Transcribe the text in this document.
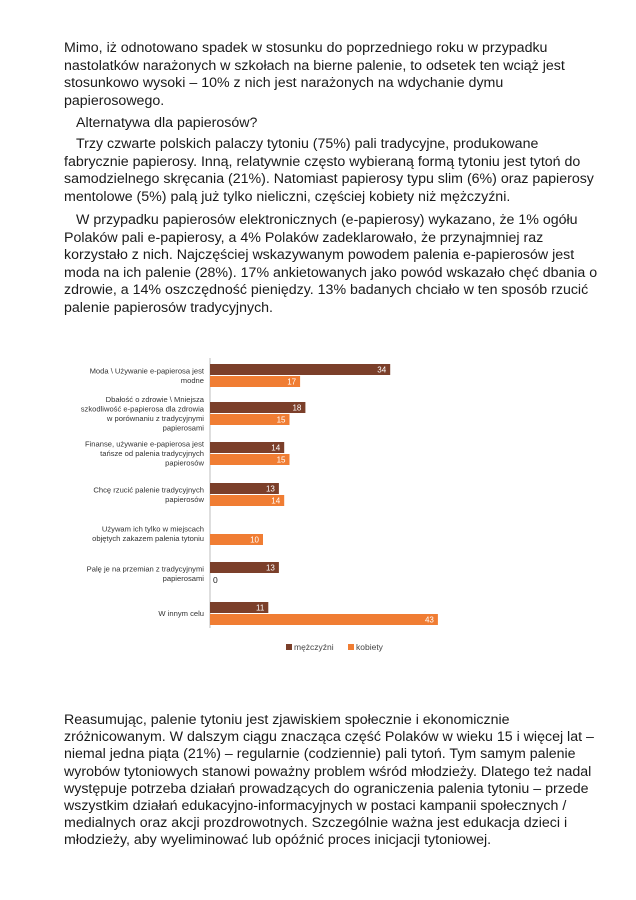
Mimo, iż odnotowano spadek w stosunku do poprzedniego roku w przypadku nastolatków narażonych w szkołach na bierne palenie, to odsetek ten wciąż jest stosunkowo wysoki – 10% z nich jest narażonych na wdychanie dymu papierosowego.

Alternatywa dla papierosów?

Trzy czwarte polskich palaczy tytoniu (75%) pali tradycyjne, produkowane fabrycznie papierosy. Inną, relatywnie często wybieraną formą tytoniu jest tytoń do samodzielnego skręcania (21%). Natomiast papierosy typu slim (6%) oraz papierosy mentolowe (5%) palą już tylko nieliczni, częściej kobiety niż mężczyźni.

W przypadku papierosów elektronicznych (e-papierosy) wykazano, że 1% ogółu Polaków pali e-papierosy, a 4% Polaków zadeklarowało, że przynajmniej raz korzystało z nich. Najczęściej wskazywanym powodem palenia e-papierosów jest moda na ich palenie (28%). 17% ankietowanych jako powód wskazało chęć dbania o zdrowie, a 14% oszczędność pieniędzy. 13% badanych chciało w ten sposób rzucić palenie papierosów tradycyjnych.

Moda \ Używanie e-papierosa jest modne
34
17
Dbałość o zdrowie \ Mniejsza szkodliwość e-papierosa dla zdrowia w porównaniu z tradycyjnymi papierosami
18
15
Finanse, używanie e-papierosa jest tańsze od palenia tradycyjnych papierosów
14
15
Chcę rzucić palenie tradycyjnych papierosów
13
14
Używam ich tylko w miejscach objętych zakazem palenia tytoniu	10
Palę je na przemian z tradycyjnymi papierosami
13
0
W innym celu
11
43
mężczyźni	kobiety

Reasumując, palenie tytoniu jest zjawiskiem społecznie i ekonomicznie zróżnicowanym. W dalszym ciągu znacząca część Polaków w wieku 15 i więcej lat – niemal jedna piąta (21%) – regularnie (codziennie) pali tytoń. Tym samym palenie wyrobów tytoniowych stanowi poważny problem wśród młodzieży. Dlatego też nadal występuje potrzeba działań prowadzących do ograniczenia palenia tytoniu – przede wszystkim działań edukacyjno-informacyjnych w postaci kampanii społecznych / medialnych oraz akcji prozdrowotnych. Szczególnie ważna jest edukacja dzieci i młodzieży, aby wyeliminować lub opóźnić proces inicjacji tytoniowej.
